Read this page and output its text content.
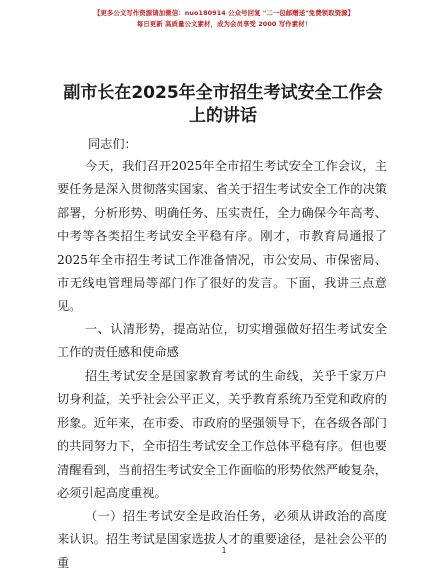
【更多公文写作资源请加微信：nuo180914 公众号回复 "二一包邮赠送"免费领取资源】
每日更新 高质量公文素材，成为会员享受 2000 写作素材！
副市长在2025年全市招生考试安全工作会上的讲话
同志们：
今天，我们召开2025年全市招生考试安全工作会议，主要任务是深入贯彻落实国家、省关于招生考试安全工作的决策部署，分析形势、明确任务、压实责任，全力确保今年高考、中考等各类招生考试安全平稳有序。刚才，市教育局通报了2025年全市招生考试工作准备情况，市公安局、市保密局、市无线电管理局等部门作了很好的发言。下面，我讲三点意见。
一、认清形势，提高站位，切实增强做好招生考试安全工作的责任感和使命感
招生考试安全是国家教育考试的生命线，关乎千家万户切身利益，关乎社会公平正义，关乎教育系统乃至党和政府的形象。近年来，在市委、市政府的坚强领导下，在各级各部门的共同努力下，全市招生考试安全工作总体平稳有序。但也要清醒看到，当前招生考试安全工作面临的形势依然严峻复杂，必须引起高度重视。
（一）招生考试安全是政治任务，必须从讲政治的高度来认识。招生考试是国家选拔人才的重要途径，是社会公平的重
1
